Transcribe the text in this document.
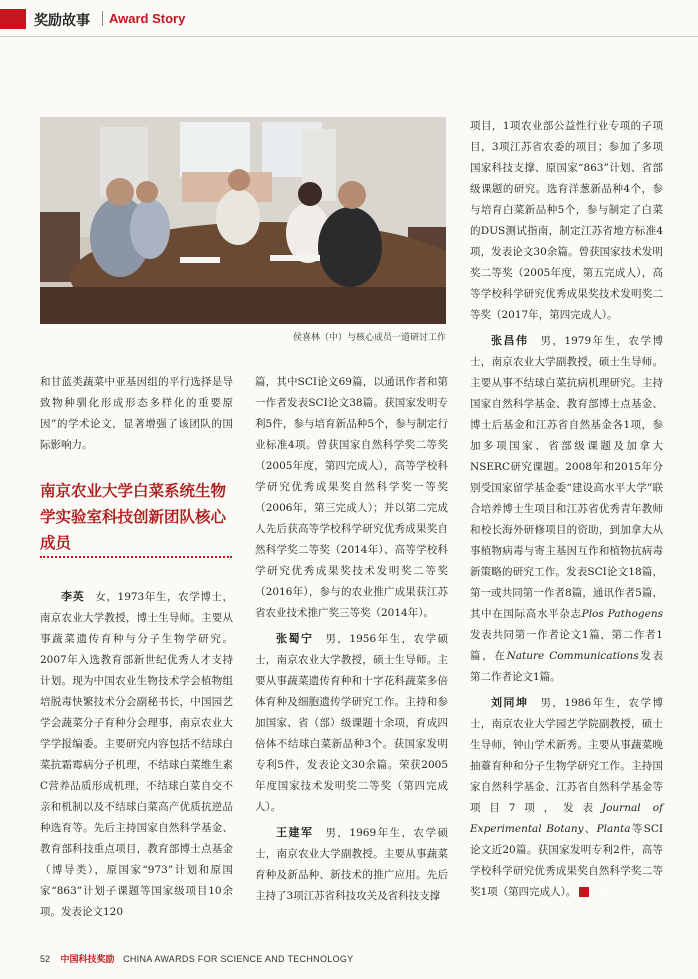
奖励故事 Award Story
侯喜林（中）与核心成员一道研讨工作

和甘蓝类蔬菜中亚基因组的平行选择是导致物种驯化形成形态多样化的重要原因”的学术论文，显著增强了该团队的国际影响力。

南京农业大学白菜系统生物学实验室科技创新团队核心成员

李英　 女，1973年生，农学博士，南京农业大学教授，博士生导师。主要从事蔬菜遗传育种与分子生物学研究。2007年入选教育部新世纪优秀人才支持计划。现为中国农业生物技术学会植物组培脱毒快繁技术分会副秘书长，中国园艺学会蔬菜分子育种分会理事，南京农业大学学报编委。主要研究内容包括不结球白菜抗霜霉病分子机理，不结球白菜维生素C营养品质形成机理，不结球白菜自交不亲和机制以及不结球白菜高产优质抗逆品种选育等。先后主持国家自然科学基金、教育部科技重点项目，教育部博士点基金（博导类），原国家“973”计划和原国家“863”计划子课题等国家级项目10余项。发表论文120

篇，其中SCI论文69篇，以通讯作者和第一作者发表SCI论文38篇。获国家发明专利5件，参与培育新品种5个，参与制定行业标准4项。曾获国家自然科学奖二等奖（2005年度，第四完成人），高等学校科学研究优秀成果奖自然科学奖一等奖（2006年，第三完成人）；并以第二完成人先后获高等学校科学研究优秀成果奖自然科学奖二等奖（2014年）、高等学校科学研究优秀成果奖技术发明奖二等奖（2016年），参与的农业推广成果获江苏省农业技术推广奖三等奖（2014年）。

张蜀宁　 男，1956年生，农学硕士，南京农业大学教授，硕士生导师。主要从事蔬菜遗传育种和十字花科蔬菜多倍体育种及细胞遗传学研究工作。主持和参加国家、省（部）级课题十余项，育成四倍体不结球白菜新品种3个。获国家发明专利5件，发表论文30余篇。荣获2005年度国家技术发明奖二等奖（第四完成人）。

王建军　 男，1969年生，农学硕士，南京农业大学副教授。主要从事蔬菜育种及新品种、新技术的推广应用。先后主持了3项江苏省科技攻关及省科技支撑

项目，1项农业部公益性行业专项的子项目，3项江苏省农委的项目；参加了多项国家科技支撑、原国家“863”计划、省部级课题的研究。选育洋葱新品种4个，参与培育白菜新品种5个，参与制定了白菜的DUS测试指南，制定江苏省地方标准4项，发表论文30余篇。曾获国家技术发明奖二等奖（2005年度，第五完成人），高等学校科学研究优秀成果奖技术发明奖二等奖（2017年，第四完成人）。

张昌伟　 男，1979年生，农学博士，南京农业大学副教授，硕士生导师。主要从事不结球白菜抗病机理研究。主持国家自然科学基金、教育部博士点基金、博士后基金和江苏省自然基金各1项，参加多项国家、省部级课题及加拿大NSERC研究课题。2008年和2015年分别受国家留学基金委“建设高水平大学”联合培养博士生项目和江苏省优秀青年教师和校长海外研修项目的资助，到加拿大从事植物病毒与寄主基因互作和植物抗病毒新策略的研究工作。发表SCI论文18篇，第一或共同第一作者8篇，通讯作者5篇，其中在国际高水平杂志Plos Pathogens发表共同第一作者论文1篇，第二作者1篇，在Nature Communications发表第二作者论文1篇。

刘同坤　 男，1986年生，农学博士，南京农业大学园艺学院副教授，硕士生导师，钟山学术新秀。主要从事蔬菜晚抽薹育种和分子生物学研究工作。主持国家自然科学基金、江苏省自然科学基金等项目7项，发表Journal of Experimental Botany、Planta等SCI论文近20篇。获国家发明专利2件，高等学校科学研究优秀成果奖自然科学奖二等奖1项（第四完成人）。	奖

52 中国科技奖励 CHINA AWARDS FOR SCIENCE AND TECHNOLOGY
